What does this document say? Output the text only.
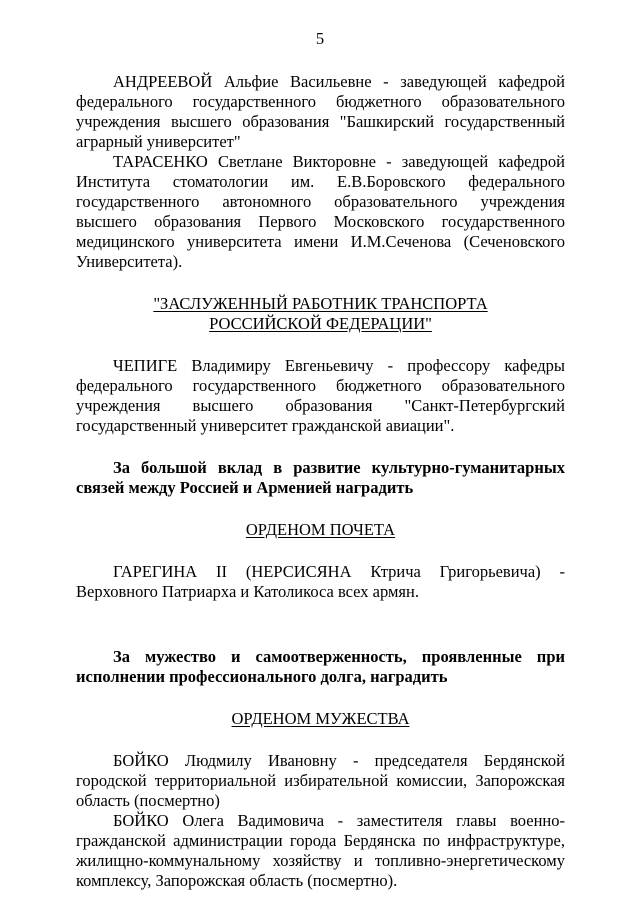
5

АНДРЕЕВОЙ Альфие Васильевне - заведующей кафедрой федерального государственного бюджетного образовательного учреждения высшего образования "Башкирский государственный аграрный университет"

ТАРАСЕНКО Светлане Викторовне - заведующей кафедрой Института стоматологии им. Е.В.Боровского федерального государственного автономного образовательного учреждения высшего образования Первого Московского государственного медицинского университета имени И.М.Сеченова (Сеченовского Университета).

"ЗАСЛУЖЕННЫЙ РАБОТНИК ТРАНСПОРТА
РОССИЙСКОЙ ФЕДЕРАЦИИ"

ЧЕПИГЕ Владимиру Евгеньевичу - профессору кафедры федерального государственного бюджетного образовательного учреждения высшего образования "Санкт-Петербургский государственный университет гражданской авиации".

За большой вклад в развитие культурно-гуманитарных связей между Россией и Арменией наградить

ОРДЕНОМ ПОЧЕТА

ГАРЕГИНА II (НЕРСИСЯНА Ктрича Григорьевича) - Верховного Патриарха и Католикоса всех армян.

За мужество и самоотверженность, проявленные при исполнении профессионального долга, наградить

ОРДЕНОМ МУЖЕСТВА

БОЙКО Людмилу Ивановну - председателя Бердянской городской территориальной избирательной комиссии, Запорожская область (посмертно)

БОЙКО Олега Вадимовича - заместителя главы военно-гражданской администрации города Бердянска по инфраструктуре, жилищно-коммунальному хозяйству и топливно-энергетическому комплексу, Запорожская область (посмертно).
